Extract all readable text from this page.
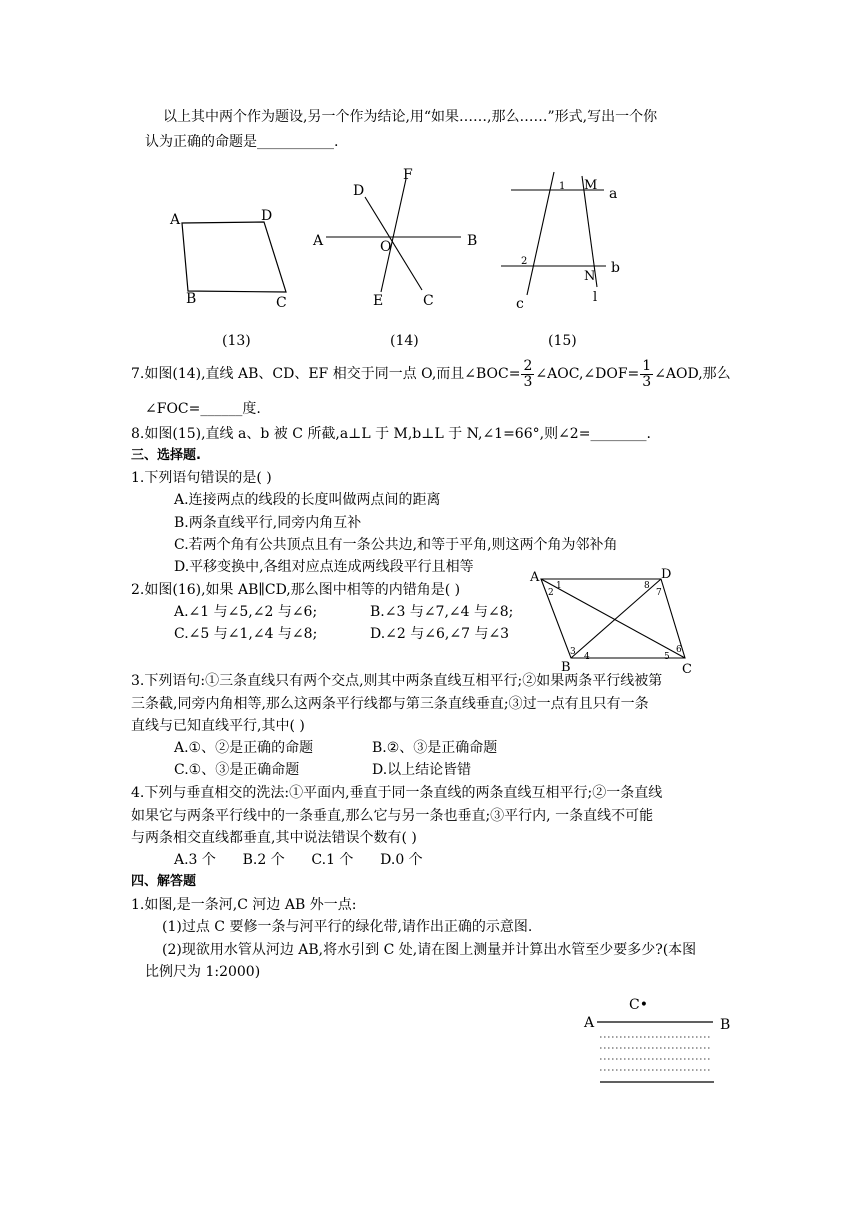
以上其中两个作为题设,另一个作为结论,用“如果……,那么……”形式,写出一个你
认为正确的命题是___________.
A	D
B	C
A	B
D
F
O
E	C
1
2
M
N
a
b
c	l
(13)	(14)	(15)
7.如图(14),直线 AB、CD、EF 相交于同一点 O,而且∠BOC= $\frac{2}{3}$ ∠AOC,∠DOF= $\frac{1}{3}$ ∠AOD,那么
∠FOC=______度.
8.如图(15),直线 a、b 被 C 所截,a⊥L 于 M,b⊥L 于 N,∠1=66°,则∠2=________.
三、选择题.
1.下列语句错误的是( )
A.连接两点的线段的长度叫做两点间的距离
B.两条直线平行,同旁内角互补
C.若两个角有公共顶点且有一条公共边,和等于平角,则这两个角为邻补角
D.平移变换中,各组对应点连成两线段平行且相等
2.如图(16),如果 AB∥CD,那么图中相等的内错角是( )
A.∠1 与∠5,∠2 与∠6;	B.∠3 与∠7,∠4 与∠8;
C.∠5 与∠1,∠4 与∠8;	D.∠2 与∠6,∠7 与∠3
A	D
B	C
1
2
3 4	5
6
7
8
3.下列语句:①三条直线只有两个交点,则其中两条直线互相平行;②如果两条平行线被第
三条截,同旁内角相等,那么这两条平行线都与第三条直线垂直;③过一点有且只有一条
直线与已知直线平行,其中( )
A.①、②是正确的命题	B.②、③是正确命题
C.①、③是正确命题	D.以上结论皆错
4.下列与垂直相交的洗法:①平面内,垂直于同一条直线的两条直线互相平行;②一条直线
如果它与两条平行线中的一条垂直,那么它与另一条也垂直;③平行内, 一条直线不可能
与两条相交直线都垂直,其中说法错误个数有( )
A.3 个      B.2 个      C.1 个      D.0 个
四、解答题
1.如图,是一条河,C 河边 AB 外一点:
(1)过点 C 要修一条与河平行的绿化带,请作出正确的示意图.
(2)现欲用水管从河边 AB,将水引到 C 处,请在图上测量并计算出水管至少要多少?(本图
比例尺为 1:2000)
C•
A	B
